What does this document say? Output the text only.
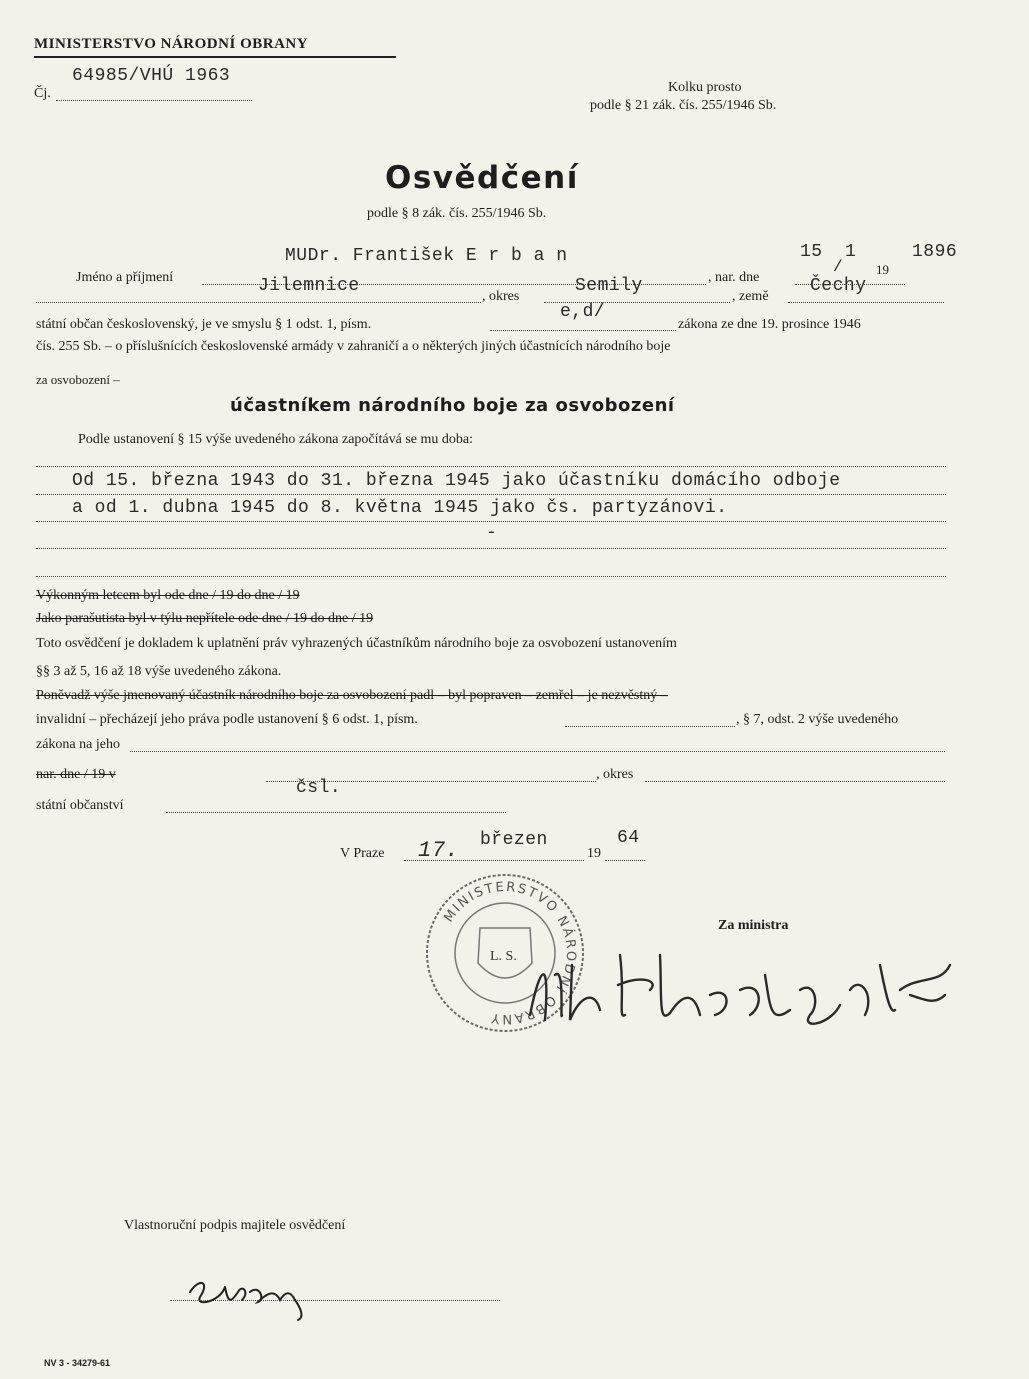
MINISTERSTVO NÁRODNÍ OBRANY
Čj.
64985/VHÚ 1963
Kolku prosto
podle § 21 zák. čís. 255/1946 Sb.
Osvědčení
podle § 8 zák. čís. 255/1946 Sb.
Jméno a příjmení
MUDr. František E r b a n
, nar. dne
15
/
1
19
1896
Jilemnice
, okres
Semily
, země
Čechy
státní občan československý, je ve smyslu § 1 odst. 1, písm.
e,d/
zákona ze dne 19. prosince 1946
čís. 255 Sb. – o příslušnících československé armády v zahraničí a o některých jiných účastnících národního boje
za osvobození –
účastníkem národního boje za osvobození
Podle ustanovení § 15 výše uvedeného zákona započítává se mu doba:
Od 15. března 1943 do 31. března 1945 jako účastníku domácího odboje
a od 1. dubna 1945 do 8. května 1945 jako čs. partyzánovi.
-
Výkonným letcem byl ode dne / 19 do dne / 19
Jako parašutista byl v týlu nepřítele ode dne / 19 do dne / 19
Toto osvědčení je dokladem k uplatnění práv vyhrazených účastníkům národního boje za osvobození ustanovením
§§ 3 až 5, 16 až 18 výše uvedeného zákona.
Poněvadž výše jmenovaný účastník národního boje za osvobození padl – byl popraven – zemřel – je nezvěstný –
invalidní – přecházejí jeho práva podle ustanovení § 6 odst. 1, písm.	, § 7, odst. 2 výše uvedeného
zákona na jeho
nar. dne / 19 v
čsl.
, okres
státní občanství
V Praze 17. březen
19
64
MINISTERSTVO NÁRODNÍ OBRANY
L. S.
Za ministra
Vlastnoruční podpis majitele osvědčení
NV 3 - 34279-61
